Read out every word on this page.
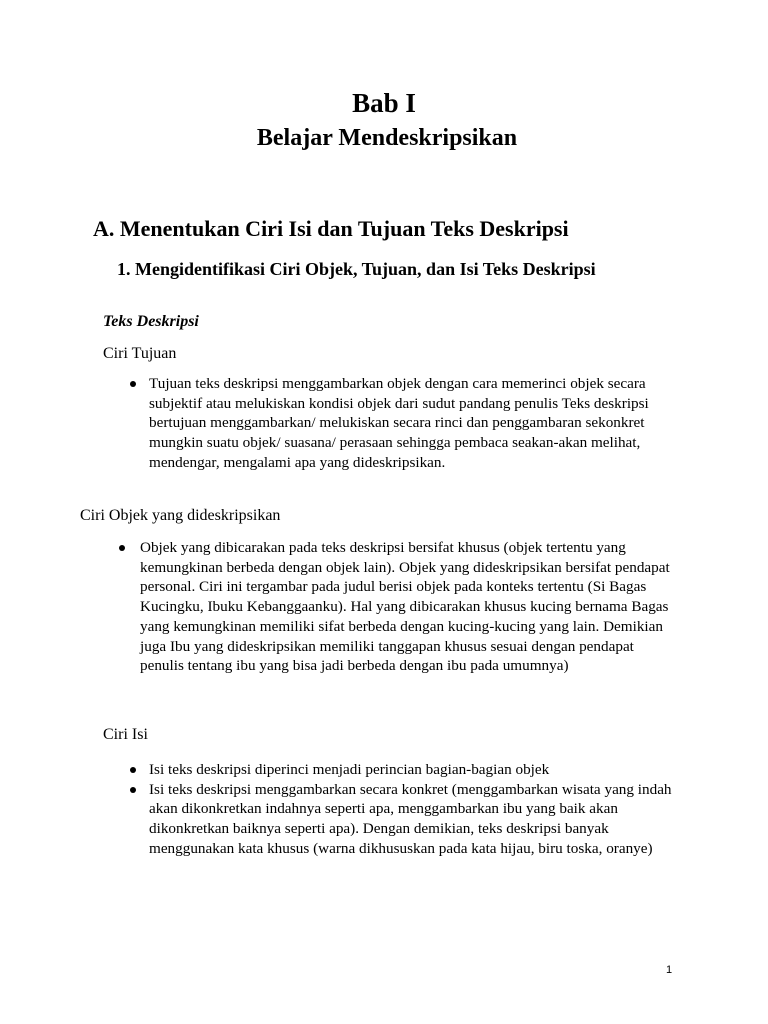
Bab I
Belajar Mendeskripsikan
A. Menentukan Ciri Isi dan Tujuan Teks Deskripsi
1. Mengidentifikasi Ciri Objek, Tujuan, dan Isi Teks Deskripsi
Teks Deskripsi
Ciri Tujuan
Tujuan teks deskripsi menggambarkan objek dengan cara memerinci objek secara subjektif atau melukiskan kondisi objek dari sudut pandang penulis Teks deskripsi bertujuan menggambarkan/ melukiskan secara rinci dan penggambaran sekonkret mungkin suatu objek/ suasana/ perasaan sehingga pembaca seakan-akan melihat, mendengar, mengalami apa yang dideskripsikan.
Ciri Objek yang dideskripsikan
Objek yang dibicarakan pada teks deskripsi bersifat khusus (objek tertentu yang kemungkinan berbeda dengan objek lain). Objek yang dideskripsikan bersifat pendapat personal. Ciri ini tergambar pada judul berisi objek pada konteks tertentu (Si Bagas Kucingku, Ibuku Kebanggaanku). Hal yang dibicarakan khusus kucing bernama Bagas yang kemungkinan memiliki sifat berbeda dengan kucing-kucing yang lain. Demikian juga Ibu yang dideskripsikan memiliki tanggapan khusus sesuai dengan pendapat penulis tentang ibu yang bisa jadi berbeda dengan ibu pada umumnya)
Ciri Isi
Isi teks deskripsi diperinci menjadi perincian bagian-bagian objek
Isi teks deskripsi menggambarkan secara konkret (menggambarkan wisata yang indah akan dikonkretkan indahnya seperti apa, menggambarkan ibu yang baik akan dikonkretkan baiknya seperti apa). Dengan demikian, teks deskripsi banyak menggunakan kata khusus (warna dikhususkan pada kata hijau, biru toska, oranye)
1
